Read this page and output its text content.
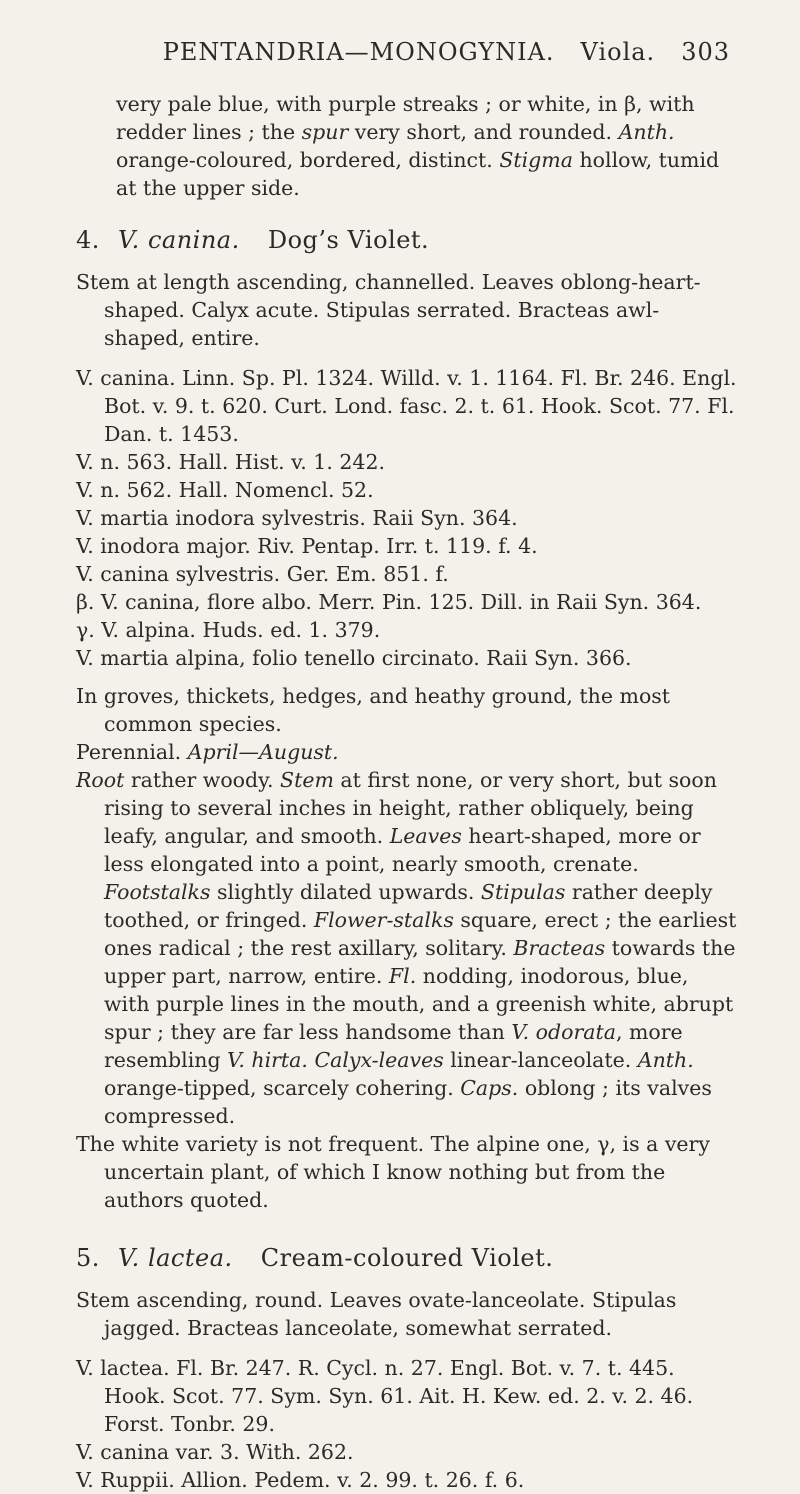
PENTANDRIA—MONOGYNIA. Viola. 303

very pale blue, with purple streaks ; or white, in β, with redder lines ; the spur very short, and rounded. Anth. orange-coloured, bordered, distinct. Stigma hollow, tumid at the upper side.

4. V. canina. Dog’s Violet.

Stem at length ascending, channelled. Leaves oblong-heart-shaped. Calyx acute. Stipulas serrated. Bracteas awl-shaped, entire.

V. canina. Linn. Sp. Pl. 1324. Willd. v. 1. 1164. Fl. Br. 246. Engl. Bot. v. 9. t. 620. Curt. Lond. fasc. 2. t. 61. Hook. Scot. 77. Fl. Dan. t. 1453.

V. n. 563. Hall. Hist. v. 1. 242.

V. n. 562. Hall. Nomencl. 52.

V. martia inodora sylvestris. Raii Syn. 364.

V. inodora major. Riv. Pentap. Irr. t. 119. f. 4.

V. canina sylvestris. Ger. Em. 851. f.

β. V. canina, flore albo. Merr. Pin. 125. Dill. in Raii Syn. 364.

γ. V. alpina. Huds. ed. 1. 379.

V. martia alpina, folio tenello circinato. Raii Syn. 366.

In groves, thickets, hedges, and heathy ground, the most common species.

Perennial. April—August.

Root rather woody. Stem at first none, or very short, but soon rising to several inches in height, rather obliquely, being leafy, angular, and smooth. Leaves heart-shaped, more or less elongated into a point, nearly smooth, crenate. Footstalks slightly dilated upwards. Stipulas rather deeply toothed, or fringed. Flower-stalks square, erect ; the earliest ones radical ; the rest axillary, solitary. Bracteas towards the upper part, narrow, entire. Fl. nodding, inodorous, blue, with purple lines in the mouth, and a greenish white, abrupt spur ; they are far less handsome than V. odorata, more resembling V. hirta. Calyx-leaves linear-lanceolate. Anth. orange-tipped, scarcely cohering. Caps. oblong ; its valves compressed.

The white variety is not frequent. The alpine one, γ, is a very uncertain plant, of which I know nothing but from the authors quoted.

5. V. lactea. Cream-coloured Violet.

Stem ascending, round. Leaves ovate-lanceolate. Stipulas jagged. Bracteas lanceolate, somewhat serrated.

V. lactea. Fl. Br. 247. R. Cycl. n. 27. Engl. Bot. v. 7. t. 445. Hook. Scot. 77. Sym. Syn. 61. Ait. H. Kew. ed. 2. v. 2. 46. Forst. Tonbr. 29.

V. canina var. 3. With. 262.

V. Ruppii. Allion. Pedem. v. 2. 99. t. 26. f. 6.
